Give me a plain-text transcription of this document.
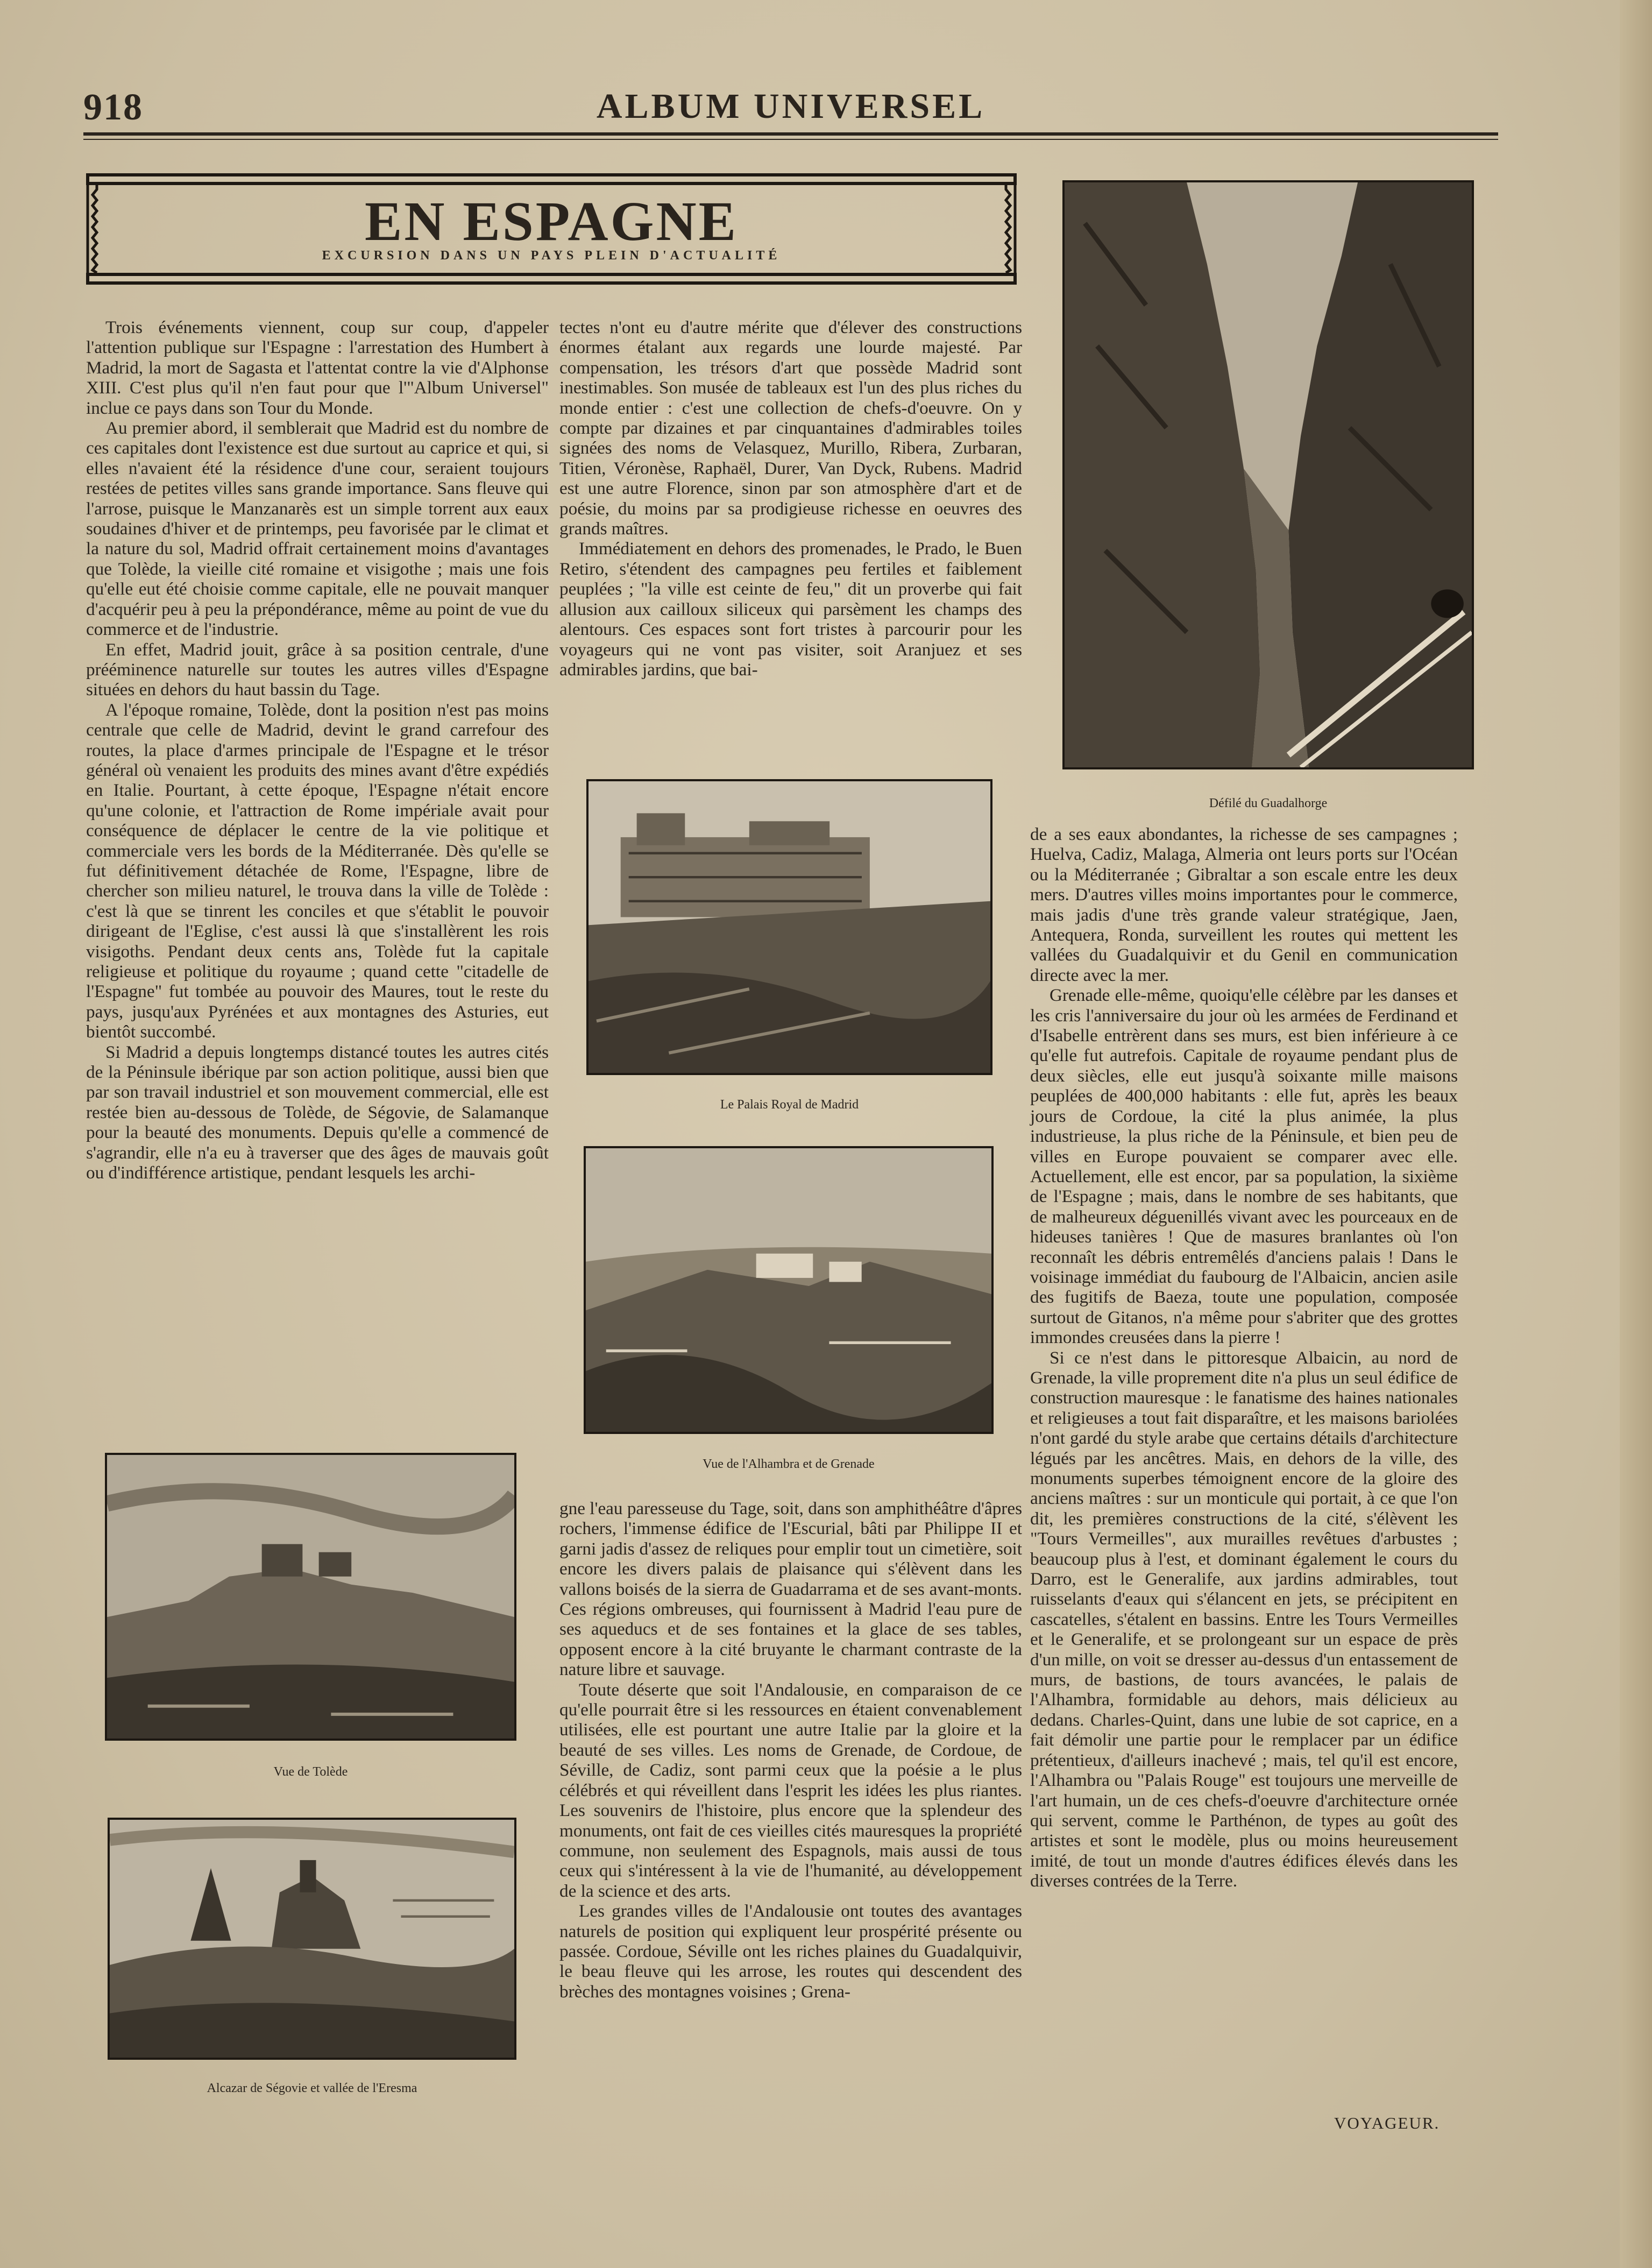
918	ALBUM UNIVERSEL
EN ESPAGNE
EXCURSION DANS UN PAYS PLEIN D'ACTUALITÉ

Trois événements viennent, coup sur coup, d'appeler l'attention publique sur l'Espagne : l'arrestation des Humbert à Madrid, la mort de Sagasta et l'attentat contre la vie d'Alphonse XIII. C'est plus qu'il n'en faut pour que l'"Album Universel" inclue ce pays dans son Tour du Monde.

Au premier abord, il semblerait que Madrid est du nombre de ces capitales dont l'existence est due surtout au caprice et qui, si elles n'avaient été la résidence d'une cour, seraient toujours restées de petites villes sans grande importance. Sans fleuve qui l'arrose, puisque le Manzanarès est un simple torrent aux eaux soudaines d'hiver et de printemps, peu favorisée par le climat et la nature du sol, Madrid offrait certainement moins d'avantages que Tolède, la vieille cité romaine et visigothe ; mais une fois qu'elle eut été choisie comme capitale, elle ne pouvait manquer d'acquérir peu à peu la prépondérance, même au point de vue du commerce et de l'industrie.

En effet, Madrid jouit, grâce à sa position centrale, d'une prééminence naturelle sur toutes les autres villes d'Espagne situées en dehors du haut bassin du Tage.

A l'époque romaine, Tolède, dont la position n'est pas moins centrale que celle de Madrid, devint le grand carrefour des routes, la place d'armes principale de l'Espagne et le trésor général où venaient les produits des mines avant d'être expédiés en Italie. Pourtant, à cette époque, l'Espagne n'était encore qu'une colonie, et l'attraction de Rome impériale avait pour conséquence de déplacer le centre de la vie politique et commerciale vers les bords de la Méditerranée. Dès qu'elle se fut définitivement détachée de Rome, l'Espagne, libre de chercher son milieu naturel, le trouva dans la ville de Tolède : c'est là que se tinrent les conciles et que s'établit le pouvoir dirigeant de l'Eglise, c'est aussi là que s'installèrent les rois visigoths. Pendant deux cents ans, Tolède fut la capitale religieuse et politique du royaume ; quand cette "citadelle de l'Espagne" fut tombée au pouvoir des Maures, tout le reste du pays, jusqu'aux Pyrénées et aux montagnes des Asturies, eut bientôt succombé.

Si Madrid a depuis longtemps distancé toutes les autres cités de la Péninsule ibérique par son action politique, aussi bien que par son travail industriel et son mouvement commercial, elle est restée bien au-dessous de Tolède, de Ségovie, de Salamanque pour la beauté des monuments. Depuis qu'elle a commencé de s'agrandir, elle n'a eu à traverser que des âges de mauvais goût ou d'indifférence artistique, pendant lesquels les archi-

tectes n'ont eu d'autre mérite que d'élever des constructions énormes étalant aux regards une lourde majesté. Par compensation, les trésors d'art que possède Madrid sont inestimables. Son musée de tableaux est l'un des plus riches du monde entier : c'est une collection de chefs-d'oeuvre. On y compte par dizaines et par cinquantaines d'admirables toiles signées des noms de Velasquez, Murillo, Ribera, Zurbaran, Titien, Véronèse, Raphaël, Durer, Van Dyck, Rubens. Madrid est une autre Florence, sinon par son atmosphère d'art et de poésie, du moins par sa prodigieuse richesse en oeuvres des grands maîtres.

Immédiatement en dehors des promenades, le Prado, le Buen Retiro, s'étendent des campagnes peu fertiles et faiblement peuplées ; "la ville est ceinte de feu," dit un proverbe qui fait allusion aux cailloux siliceux qui parsèment les champs des alentours. Ces espaces sont fort tristes à parcourir pour les voyageurs qui ne vont pas visiter, soit Aranjuez et ses admirables jardins, que bai-

gne l'eau paresseuse du Tage, soit, dans son amphithéâtre d'âpres rochers, l'immense édifice de l'Escurial, bâti par Philippe II et garni jadis d'assez de reliques pour emplir tout un cimetière, soit encore les divers palais de plaisance qui s'élèvent dans les vallons boisés de la sierra de Guadarrama et de ses avant-monts. Ces régions ombreuses, qui fournissent à Madrid l'eau pure de ses aqueducs et de ses fontaines et la glace de ses tables, opposent encore à la cité bruyante le charmant contraste de la nature libre et sauvage.

Toute déserte que soit l'Andalousie, en comparaison de ce qu'elle pourrait être si les ressources en étaient convenablement utilisées, elle est pourtant une autre Italie par la gloire et la beauté de ses villes. Les noms de Grenade, de Cordoue, de Séville, de Cadiz, sont parmi ceux que la poésie a le plus célébrés et qui réveillent dans l'esprit les idées les plus riantes. Les souvenirs de l'histoire, plus encore que la splendeur des monuments, ont fait de ces vieilles cités mauresques la propriété commune, non seulement des Espagnols, mais aussi de tous ceux qui s'intéressent à la vie de l'humanité, au développement de la science et des arts.

Les grandes villes de l'Andalousie ont toutes des avantages naturels de position qui expliquent leur prospérité présente ou passée. Cordoue, Séville ont les riches plaines du Guadalquivir, le beau fleuve qui les arrose, les routes qui descendent des brèches des montagnes voisines ; Grena-

de a ses eaux abondantes, la richesse de ses campagnes ; Huelva, Cadiz, Malaga, Almeria ont leurs ports sur l'Océan ou la Méditerranée ; Gibraltar a son escale entre les deux mers. D'autres villes moins importantes pour le commerce, mais jadis d'une très grande valeur stratégique, Jaen, Antequera, Ronda, surveillent les routes qui mettent les vallées du Guadalquivir et du Genil en communication directe avec la mer.

Grenade elle-même, quoiqu'elle célèbre par les danses et les cris l'anniversaire du jour où les armées de Ferdinand et d'Isabelle entrèrent dans ses murs, est bien inférieure à ce qu'elle fut autrefois. Capitale de royaume pendant plus de deux siècles, elle eut jusqu'à soixante mille maisons peuplées de 400,000 habitants : elle fut, après les beaux jours de Cordoue, la cité la plus animée, la plus industrieuse, la plus riche de la Péninsule, et bien peu de villes en Europe pouvaient se comparer avec elle. Actuellement, elle est encor, par sa population, la sixième de l'Espagne ; mais, dans le nombre de ses habitants, que de malheureux déguenillés vivant avec les pourceaux en de hideuses tanières ! Que de masures branlantes où l'on reconnaît les débris entremêlés d'anciens palais ! Dans le voisinage immédiat du faubourg de l'Albaicin, ancien asile des fugitifs de Baeza, toute une population, composée surtout de Gitanos, n'a même pour s'abriter que des grottes immondes creusées dans la pierre !

Si ce n'est dans le pittoresque Albaicin, au nord de Grenade, la ville proprement dite n'a plus un seul édifice de construction mauresque : le fanatisme des haines nationales et religieuses a tout fait disparaître, et les maisons bariolées n'ont gardé du style arabe que certains détails d'architecture légués par les ancêtres. Mais, en dehors de la ville, des monuments superbes témoignent encore de la gloire des anciens maîtres : sur un monticule qui portait, à ce que l'on dit, les premières constructions de la cité, s'élèvent les "Tours Vermeilles", aux murailles revêtues d'arbustes ; beaucoup plus à l'est, et dominant également le cours du Darro, est le Generalife, aux jardins admirables, tout ruisselants d'eaux qui s'élancent en jets, se précipitent en cascatelles, s'étalent en bassins. Entre les Tours Vermeilles et le Generalife, et se prolongeant sur un espace de près d'un mille, on voit se dresser au-dessus d'un entassement de murs, de bastions, de tours avancées, le palais de l'Alhambra, formidable au dehors, mais délicieux au dedans. Charles-Quint, dans une lubie de sot caprice, en a fait démolir une partie pour le remplacer par un édifice prétentieux, d'ailleurs inachevé ; mais, tel qu'il est encore, l'Alhambra ou "Palais Rouge" est toujours une merveille de l'art humain, un de ces chefs-d'oeuvre d'architecture ornée qui servent, comme le Parthénon, de types au goût des artistes et sont le modèle, plus ou moins heureusement imité, de tout un monde d'autres édifices élevés dans les diverses contrées de la Terre.

VOYAGEUR.
Défilé du Guadalhorge
Le Palais Royal de Madrid
Vue de l'Alhambra et de Grenade
Vue de Tolède
Alcazar de Ségovie et vallée de l'Eresma
